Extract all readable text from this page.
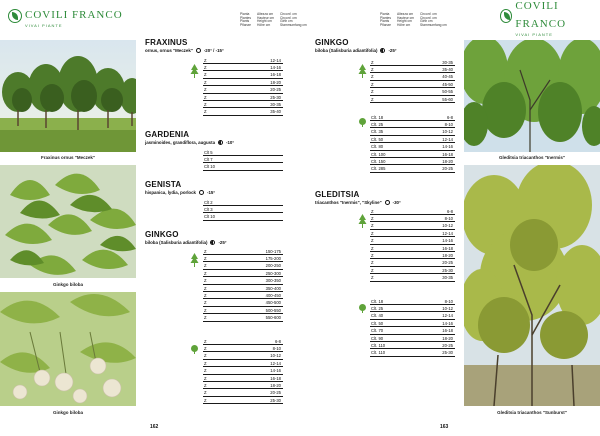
COVILI FRANCO
VIVAI PIANTE
Pianta
Plantes
Plants
Pflanze
Altezza cm
Hauteur cm
Height cm
Höhe cm
Circonf. cm
Circonf. cm
Girth cm
Stammumfang cm
Fraxinus ornus "Meczek"
Ginkgo biloba
Ginkgo biloba
FRAXINUS
ornus, ornus "Meczek"	-20° / -15°
GARDENIA
jasminoides, grandiflora, augusta	-10°
GENISTA
hispanica, lydia, porlock	-15°
GINKGO
biloba (Salisburia adiantifolia)	-25°
162
Pianta
Plantes
Plants
Pflanze
Altezza cm
Hauteur cm
Height cm
Höhe cm
Circonf. cm
Circonf. cm
Girth cm
Stammumfang cm
COVILI FRANCO
VIVAI PIANTE
GINKGO
biloba (Salisburia adiantifolia)	-25°
GLEDITSIA
triacanthos "Inermis", "Skyline"	-30°
Gleditsia triacanthos "Inermis"
Gleditsia triacanthos "Sunburst"
163
Z	12-14
Z	14-16
Z	16-18
Z	18-20
Z	20-25
Z	25-30
Z	30-35
Z	35-40
Clt 5
Clt 7
Clt 10
Clt 2
Clt 3
Clt 10
Z	150-175
Z	175-200
Z	200-250
Z	250-300
Z	300-350
Z	350-400
Z	400-450
Z	450-500
Z	500-550
Z	550-600
Z	6-8
Z	8-10
Z	10-12
Z	12-14
Z	14-16
Z	16-18
Z	18-20
Z	20-25
Z	25-30
Z	30-35
Z	35-40
Z	40-45
Z	45-50
Z	50-55
Z	55-60
Clt. 18	6-8
Clt. 25	8-10
Clt. 35	10-12
Clt. 50	12-14
Clt. 80	14-16
Clt. 100	16-18
Clt. 150	18-20
Clt. 285	20-25
Z	6-8
Z	8-10
Z	10-12
Z	12-14
Z	14-16
Z	16-18
Z	18-20
Z	20-25
Z	25-30
Z	30-35
Clt. 18	8-10
Clt. 25	10-12
Clt. 40	12-14
Clt. 50	14-16
Clt. 70	16-18
Clt. 90	18-20
Clt. 110	20-25
Clt. 110	25-30
